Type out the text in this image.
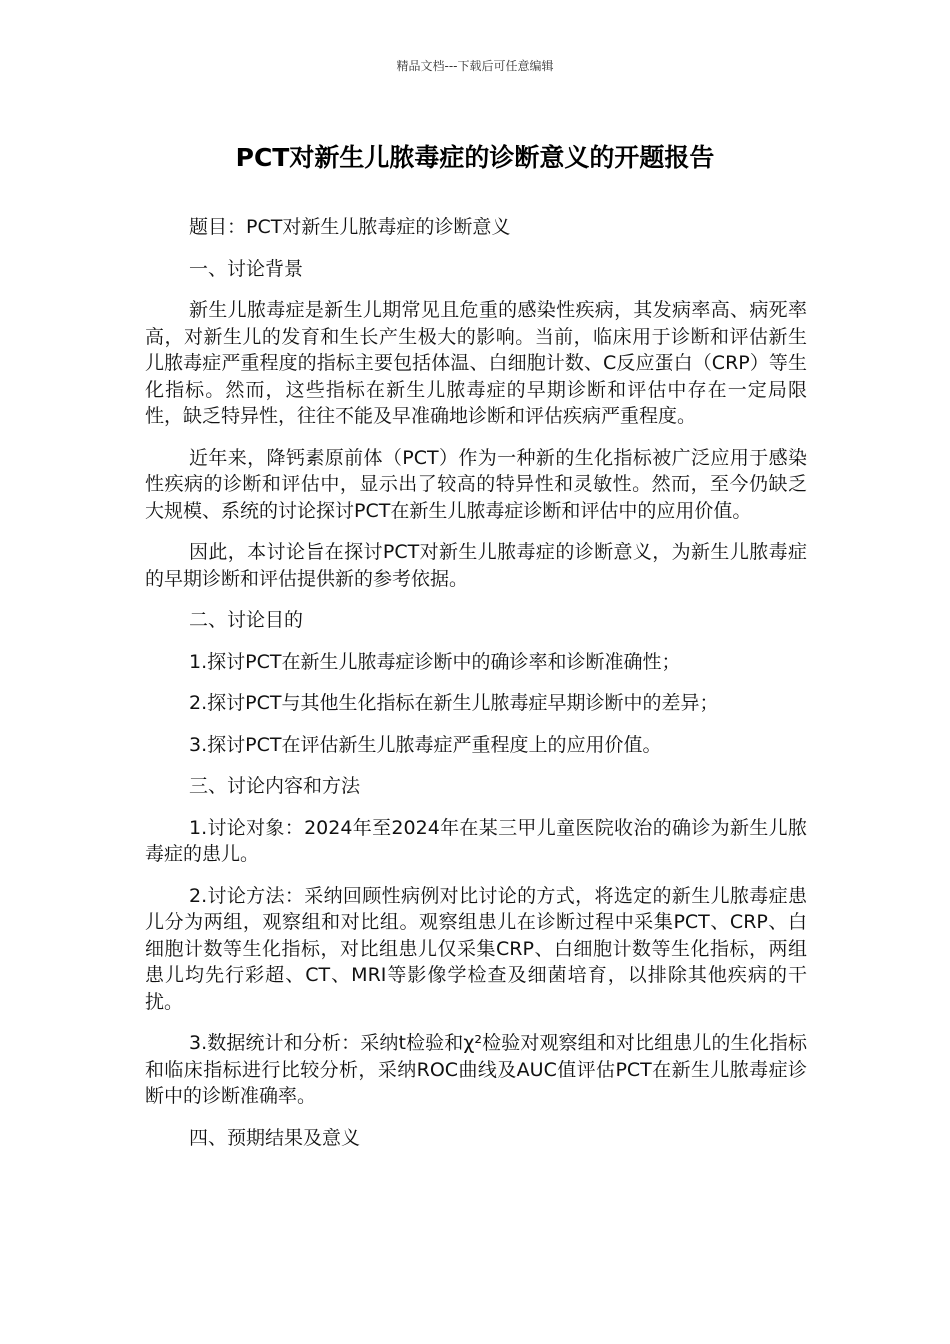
精品文档---下载后可任意编辑
PCT对新生儿脓毒症的诊断意义的开题报告

题目：PCT对新生儿脓毒症的诊断意义

一、讨论背景

新生儿脓毒症是新生儿期常见且危重的感染性疾病，其发病率高、病死率高，对新生儿的发育和生长产生极大的影响。当前，临床用于诊断和评估新生儿脓毒症严重程度的指标主要包括体温、白细胞计数、C反应蛋白（CRP）等生化指标。然而，这些指标在新生儿脓毒症的早期诊断和评估中存在一定局限性，缺乏特异性，往往不能及早准确地诊断和评估疾病严重程度。

近年来，降钙素原前体（PCT）作为一种新的生化指标被广泛应用于感染性疾病的诊断和评估中，显示出了较高的特异性和灵敏性。然而，至今仍缺乏大规模、系统的讨论探讨PCT在新生儿脓毒症诊断和评估中的应用价值。

因此，本讨论旨在探讨PCT对新生儿脓毒症的诊断意义，为新生儿脓毒症的早期诊断和评估提供新的参考依据。

二、讨论目的

1.探讨PCT在新生儿脓毒症诊断中的确诊率和诊断准确性；

2.探讨PCT与其他生化指标在新生儿脓毒症早期诊断中的差异；

3.探讨PCT在评估新生儿脓毒症严重程度上的应用价值。

三、讨论内容和方法

1.讨论对象：2024年至2024年在某三甲儿童医院收治的确诊为新生儿脓毒症的患儿。

2.讨论方法：采纳回顾性病例对比讨论的方式，将选定的新生儿脓毒症患儿分为两组，观察组和对比组。观察组患儿在诊断过程中采集PCT、CRP、白细胞计数等生化指标，对比组患儿仅采集CRP、白细胞计数等生化指标，两组患儿均先行彩超、CT、MRI等影像学检查及细菌培育，以排除其他疾病的干扰。

3.数据统计和分析：采纳t检验和χ²检验对观察组和对比组患儿的生化指标和临床指标进行比较分析，采纳ROC曲线及AUC值评估PCT在新生儿脓毒症诊断中的诊断准确率。

四、预期结果及意义
